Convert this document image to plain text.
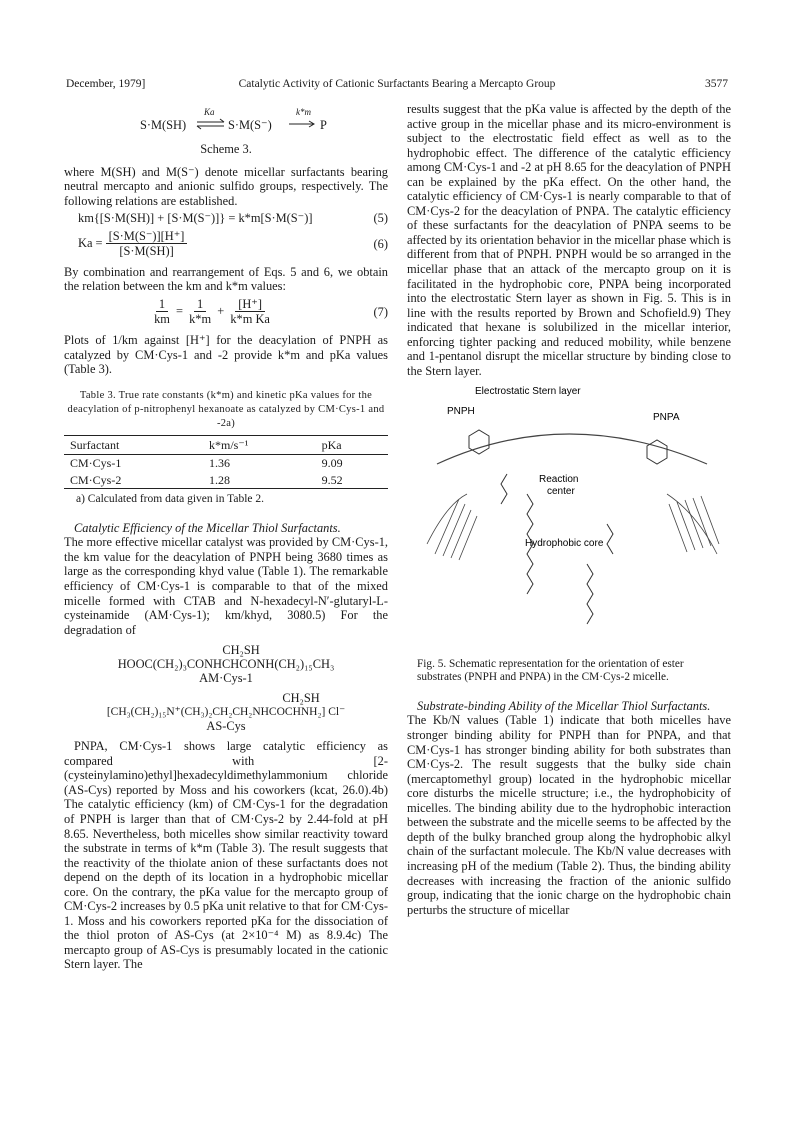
December, 1979]	Catalytic Activity of Cationic Surfactants Bearing a Mercapto Group	3577
S·M(SH)
Ka
⇌ S·M(S⁻)
k*m
→ P

Scheme 3.

where M(SH) and M(S⁻) denote micellar surfactants bearing neutral mercapto and anionic sulfido groups, respectively. The following relations are established.

km{[S·M(SH)] + [S·M(S⁻)]} = k*m[S·M(S⁻)]	(5)
$Ka = \frac{[S\cdot M(S^-)][H^+]}{[S\cdot M(SH)]}$	(6)

By combination and rearrangement of Eqs. 5 and 6, we obtain the relation between the km and k*m values:

$\frac{1}{km} = \frac{1}{k*m} + \frac{[H^+]}{\text{k*m Ka}}$	(7)

Plots of 1/km against [H⁺] for the deacylation of PNPH as catalyzed by CM·Cys-1 and -2 provide k*m and pKa values (Table 3).

Table 3. True rate constants (k*m) and kinetic pKa values for the deacylation of p-nitrophenyl hexanoate as catalyzed by CM·Cys-1 and -2a)
Surfactant	k*m/s⁻¹	pKa
CM·Cys-1	1.36	9.09
CM·Cys-2	1.28	9.52
a) Calculated from data given in Table 2.

Catalytic Efficiency of the Micellar Thiol Surfactants.

The more effective micellar catalyst was provided by CM·Cys-1, the km value for the deacylation of PNPH being 3680 times as large as the corresponding khyd value (Table 1). The remarkable efficiency of CM·Cys-1 is comparable to that of the mixed micelle formed with CTAB and N-hexadecyl-N′-glutaryl-L-cysteinamide (AM·Cys-1); km/khyd, 3080.5) For the degradation of

CH₂SH
HOOC(CH₂)₃CONHCHCONH(CH₂)₁₅CH₃
AM·Cys-1
CH₂SH
[CH₃(CH₂)₁₅N⁺(CH₃)₂CH₂CH₂NHCOCHNH₂] Cl⁻
AS-Cys

PNPA, CM·Cys-1 shows large catalytic efficiency as compared with [2-(cysteinylamino)ethyl]hexadecyldimethylammonium chloride (AS-Cys) reported by Moss and his coworkers (kcat, 26.0).4b) The catalytic efficiency (km) of CM·Cys-1 for the degradation of PNPH is larger than that of CM·Cys-2 by 2.44-fold at pH 8.65. Nevertheless, both micelles show similar reactivity toward the substrate in terms of k*m (Table 3). The result suggests that the reactivity of the thiolate anion of these surfactants does not depend on the depth of its location in a hydrophobic micellar core. On the contrary, the pKa value for the mercapto group of CM·Cys-2 increases by 0.5 pKa unit relative to that for CM·Cys-1. Moss and his coworkers reported pKa for the dissociation of the thiol proton of AS-Cys (at 2×10⁻⁴ M) as 8.9.4c) The mercapto group of AS-Cys is presumably located in the cationic Stern layer. The

results suggest that the pKa value is affected by the depth of the active group in the micellar phase and its micro-environment is subject to the electrostatic field effect as well as to the hydrophobic effect. The difference of the catalytic efficiency among CM·Cys-1 and -2 at pH 8.65 for the deacylation of PNPH can be explained by the pKa effect. On the other hand, the catalytic efficiency of CM·Cys-1 is nearly comparable to that of CM·Cys-2 for the deacylation of PNPA. The catalytic efficiency of these surfactants for the deacylation of PNPA seems to be affected by its orientation behavior in the micellar phase which is different from that of PNPH. PNPH would be so arranged in the micellar phase that an attack of the mercapto group on it is facilitated in the hydrophobic core, PNPA being incorporated into the electrostatic Stern layer as shown in Fig. 5. This is in line with the results reported by Brown and Schofield.9) They indicated that hexane is solubilized in the micellar interior, enforcing tighter packing and reduced mobility, while benzene and 1-pentanol disrupt the micellar structure by binding close to the Stern layer.

Electrostatic Stern layer
PNPH
PNPA
Reaction
center
Hydrophobic core
Fig. 5. Schematic representation for the orientation of ester substrates (PNPH and PNPA) in the CM·Cys-2 micelle.

Substrate-binding Ability of the Micellar Thiol Surfactants.

The Kb/N values (Table 1) indicate that both micelles have stronger binding ability for PNPH than for PNPA, and that CM·Cys-1 has stronger binding ability for both substrates than CM·Cys-2. The result suggests that the bulky side chain (mercaptomethyl group) located in the hydrophobic micellar core disturbs the micelle structure; i.e., the hydrophobicity of micelles. The binding ability due to the hydrophobic interaction between the substrate and the micelle seems to be affected by the depth of the bulky branched group along the hydrophobic alkyl chain of the surfactant molecule. The Kb/N value decreases with increasing pH of the medium (Table 2). Thus, the binding ability decreases with increasing the fraction of the anionic sulfido group, indicating that the ionic charge on the hydrophobic chain perturbs the structure of micellar
